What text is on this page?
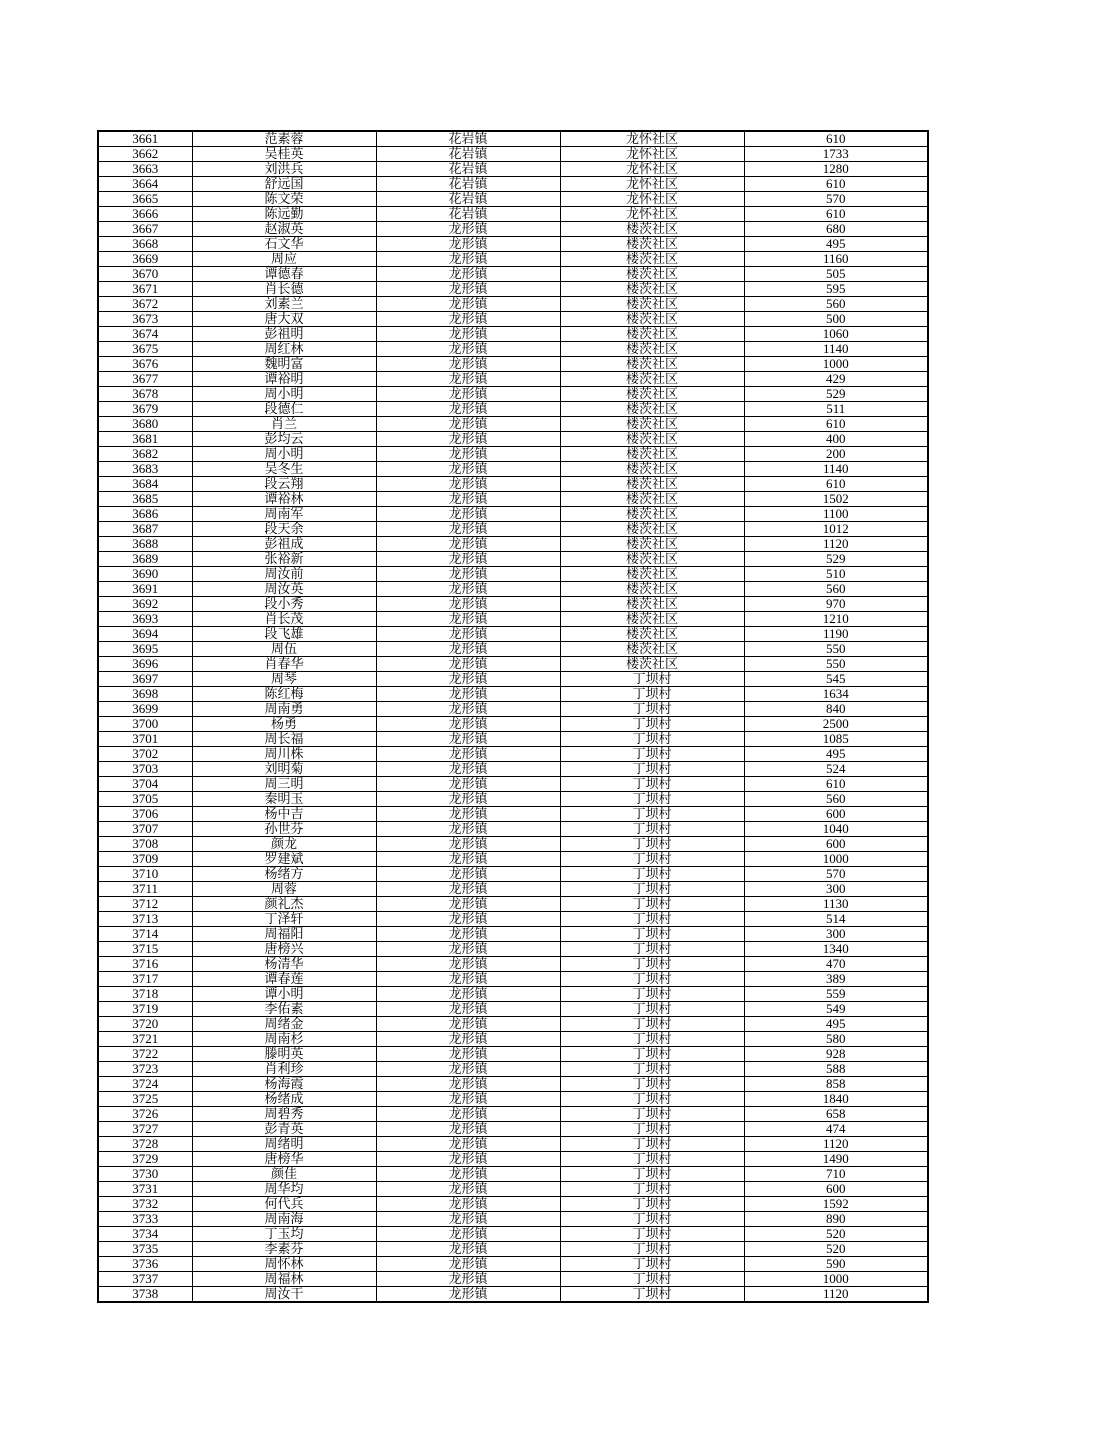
3661	范素蓉	花岩镇	龙怀社区	610
3662	吴桂英	花岩镇	龙怀社区	1733
3663	刘洪兵	花岩镇	龙怀社区	1280
3664	舒远国	花岩镇	龙怀社区	610
3665	陈文荣	花岩镇	龙怀社区	570
3666	陈远勤	花岩镇	龙怀社区	610
3667	赵淑英	龙形镇	楼茨社区	680
3668	石文华	龙形镇	楼茨社区	495
3669	周应	龙形镇	楼茨社区	1160
3670	谭德春	龙形镇	楼茨社区	505
3671	肖长德	龙形镇	楼茨社区	595
3672	刘素兰	龙形镇	楼茨社区	560
3673	唐大双	龙形镇	楼茨社区	500
3674	彭祖明	龙形镇	楼茨社区	1060
3675	周红林	龙形镇	楼茨社区	1140
3676	魏明富	龙形镇	楼茨社区	1000
3677	谭裕明	龙形镇	楼茨社区	429
3678	周小明	龙形镇	楼茨社区	529
3679	段德仁	龙形镇	楼茨社区	511
3680	肖兰	龙形镇	楼茨社区	610
3681	彭均云	龙形镇	楼茨社区	400
3682	周小明	龙形镇	楼茨社区	200
3683	吴冬生	龙形镇	楼茨社区	1140
3684	段云翔	龙形镇	楼茨社区	610
3685	谭裕林	龙形镇	楼茨社区	1502
3686	周南军	龙形镇	楼茨社区	1100
3687	段天余	龙形镇	楼茨社区	1012
3688	彭祖成	龙形镇	楼茨社区	1120
3689	张裕新	龙形镇	楼茨社区	529
3690	周汝前	龙形镇	楼茨社区	510
3691	周汝英	龙形镇	楼茨社区	560
3692	段小秀	龙形镇	楼茨社区	970
3693	肖长茂	龙形镇	楼茨社区	1210
3694	段飞雄	龙形镇	楼茨社区	1190
3695	周伍	龙形镇	楼茨社区	550
3696	肖春华	龙形镇	楼茨社区	550
3697	周琴	龙形镇	丁坝村	545
3698	陈红梅	龙形镇	丁坝村	1634
3699	周南勇	龙形镇	丁坝村	840
3700	杨勇	龙形镇	丁坝村	2500
3701	周长福	龙形镇	丁坝村	1085
3702	周川株	龙形镇	丁坝村	495
3703	刘明菊	龙形镇	丁坝村	524
3704	周三明	龙形镇	丁坝村	610
3705	秦明玉	龙形镇	丁坝村	560
3706	杨中吉	龙形镇	丁坝村	600
3707	孙世芬	龙形镇	丁坝村	1040
3708	颜龙	龙形镇	丁坝村	600
3709	罗建斌	龙形镇	丁坝村	1000
3710	杨绪方	龙形镇	丁坝村	570
3711	周蓉	龙形镇	丁坝村	300
3712	颜礼杰	龙形镇	丁坝村	1130
3713	丁泽轩	龙形镇	丁坝村	514
3714	周福阳	龙形镇	丁坝村	300
3715	唐榜兴	龙形镇	丁坝村	1340
3716	杨清华	龙形镇	丁坝村	470
3717	谭春莲	龙形镇	丁坝村	389
3718	谭小明	龙形镇	丁坝村	559
3719	李佑素	龙形镇	丁坝村	549
3720	周绪金	龙形镇	丁坝村	495
3721	周南杉	龙形镇	丁坝村	580
3722	滕明英	龙形镇	丁坝村	928
3723	肖利珍	龙形镇	丁坝村	588
3724	杨海霞	龙形镇	丁坝村	858
3725	杨绪成	龙形镇	丁坝村	1840
3726	周碧秀	龙形镇	丁坝村	658
3727	彭青英	龙形镇	丁坝村	474
3728	周绪明	龙形镇	丁坝村	1120
3729	唐榜华	龙形镇	丁坝村	1490
3730	颜佳	龙形镇	丁坝村	710
3731	周华均	龙形镇	丁坝村	600
3732	何代兵	龙形镇	丁坝村	1592
3733	周南海	龙形镇	丁坝村	890
3734	丁玉均	龙形镇	丁坝村	520
3735	李素芬	龙形镇	丁坝村	520
3736	周怀林	龙形镇	丁坝村	590
3737	周福林	龙形镇	丁坝村	1000
3738	周汝干	龙形镇	丁坝村	1120
